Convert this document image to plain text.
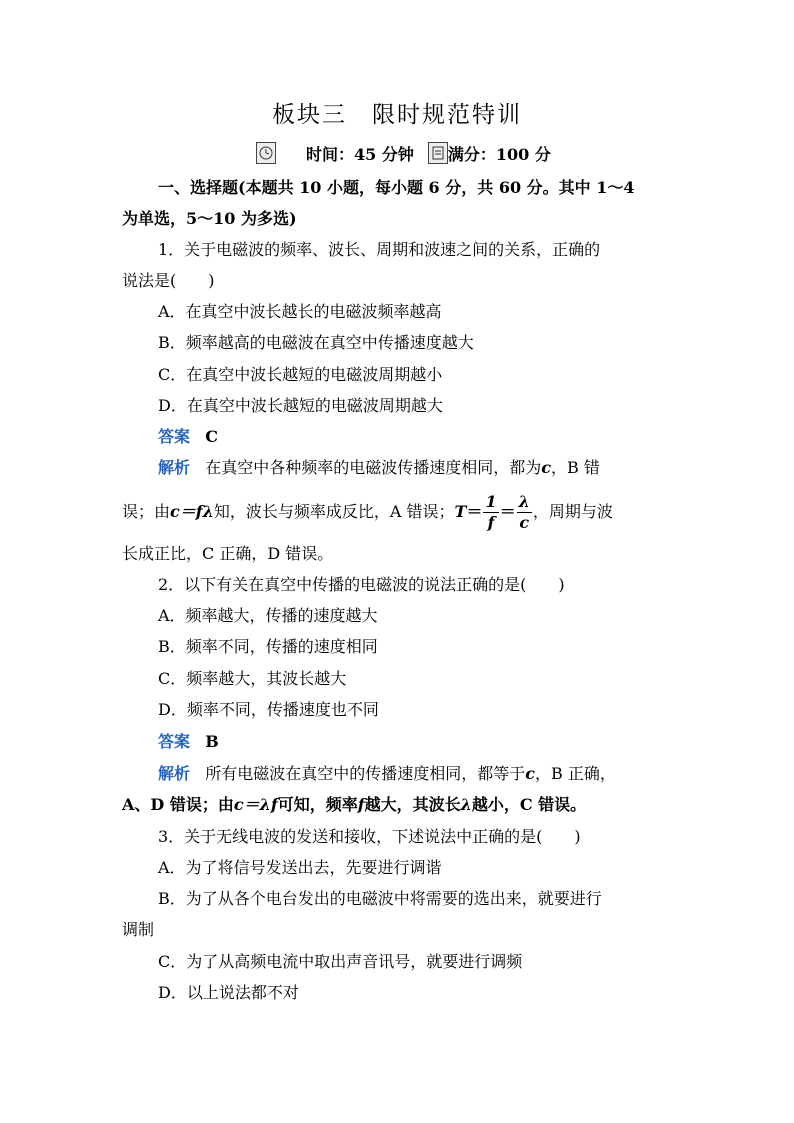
板块三　限时规范特训
时间：45 分钟 满分：100 分
一、选择题(本题共 10 小题，每小题 6 分，共 60 分。其中 1～4
为单选，5～10 为多选)
1．关于电磁波的频率、波长、周期和波速之间的关系，正确的
说法是(　　)
A．在真空中波长越长的电磁波频率越高
B．频率越高的电磁波在真空中传播速度越大
C．在真空中波长越短的电磁波周期越小
D．在真空中波长越短的电磁波周期越大
答案 C
解析 在真空中各种频率的电磁波传播速度相同，都为c，B 错
误；由c＝fλ知，波长与频率成反比，A 错误；$T= \frac{1}{f} = \frac{\lambda}{c}$ ，周期与波
长成正比，C 正确，D 错误。
2．以下有关在真空中传播的电磁波的说法正确的是(　　)
A．频率越大，传播的速度越大
B．频率不同，传播的速度相同
C．频率越大，其波长越大
D．频率不同，传播速度也不同
答案 B
解析 所有电磁波在真空中的传播速度相同，都等于c，B 正确，
A、D 错误；由c＝λf可知，频率f越大，其波长λ越小，C 错误。
3．关于无线电波的发送和接收，下述说法中正确的是(　　)
A．为了将信号发送出去，先要进行调谐
B．为了从各个电台发出的电磁波中将需要的选出来，就要进行
调制
C．为了从高频电流中取出声音讯号，就要进行调频
D．以上说法都不对
